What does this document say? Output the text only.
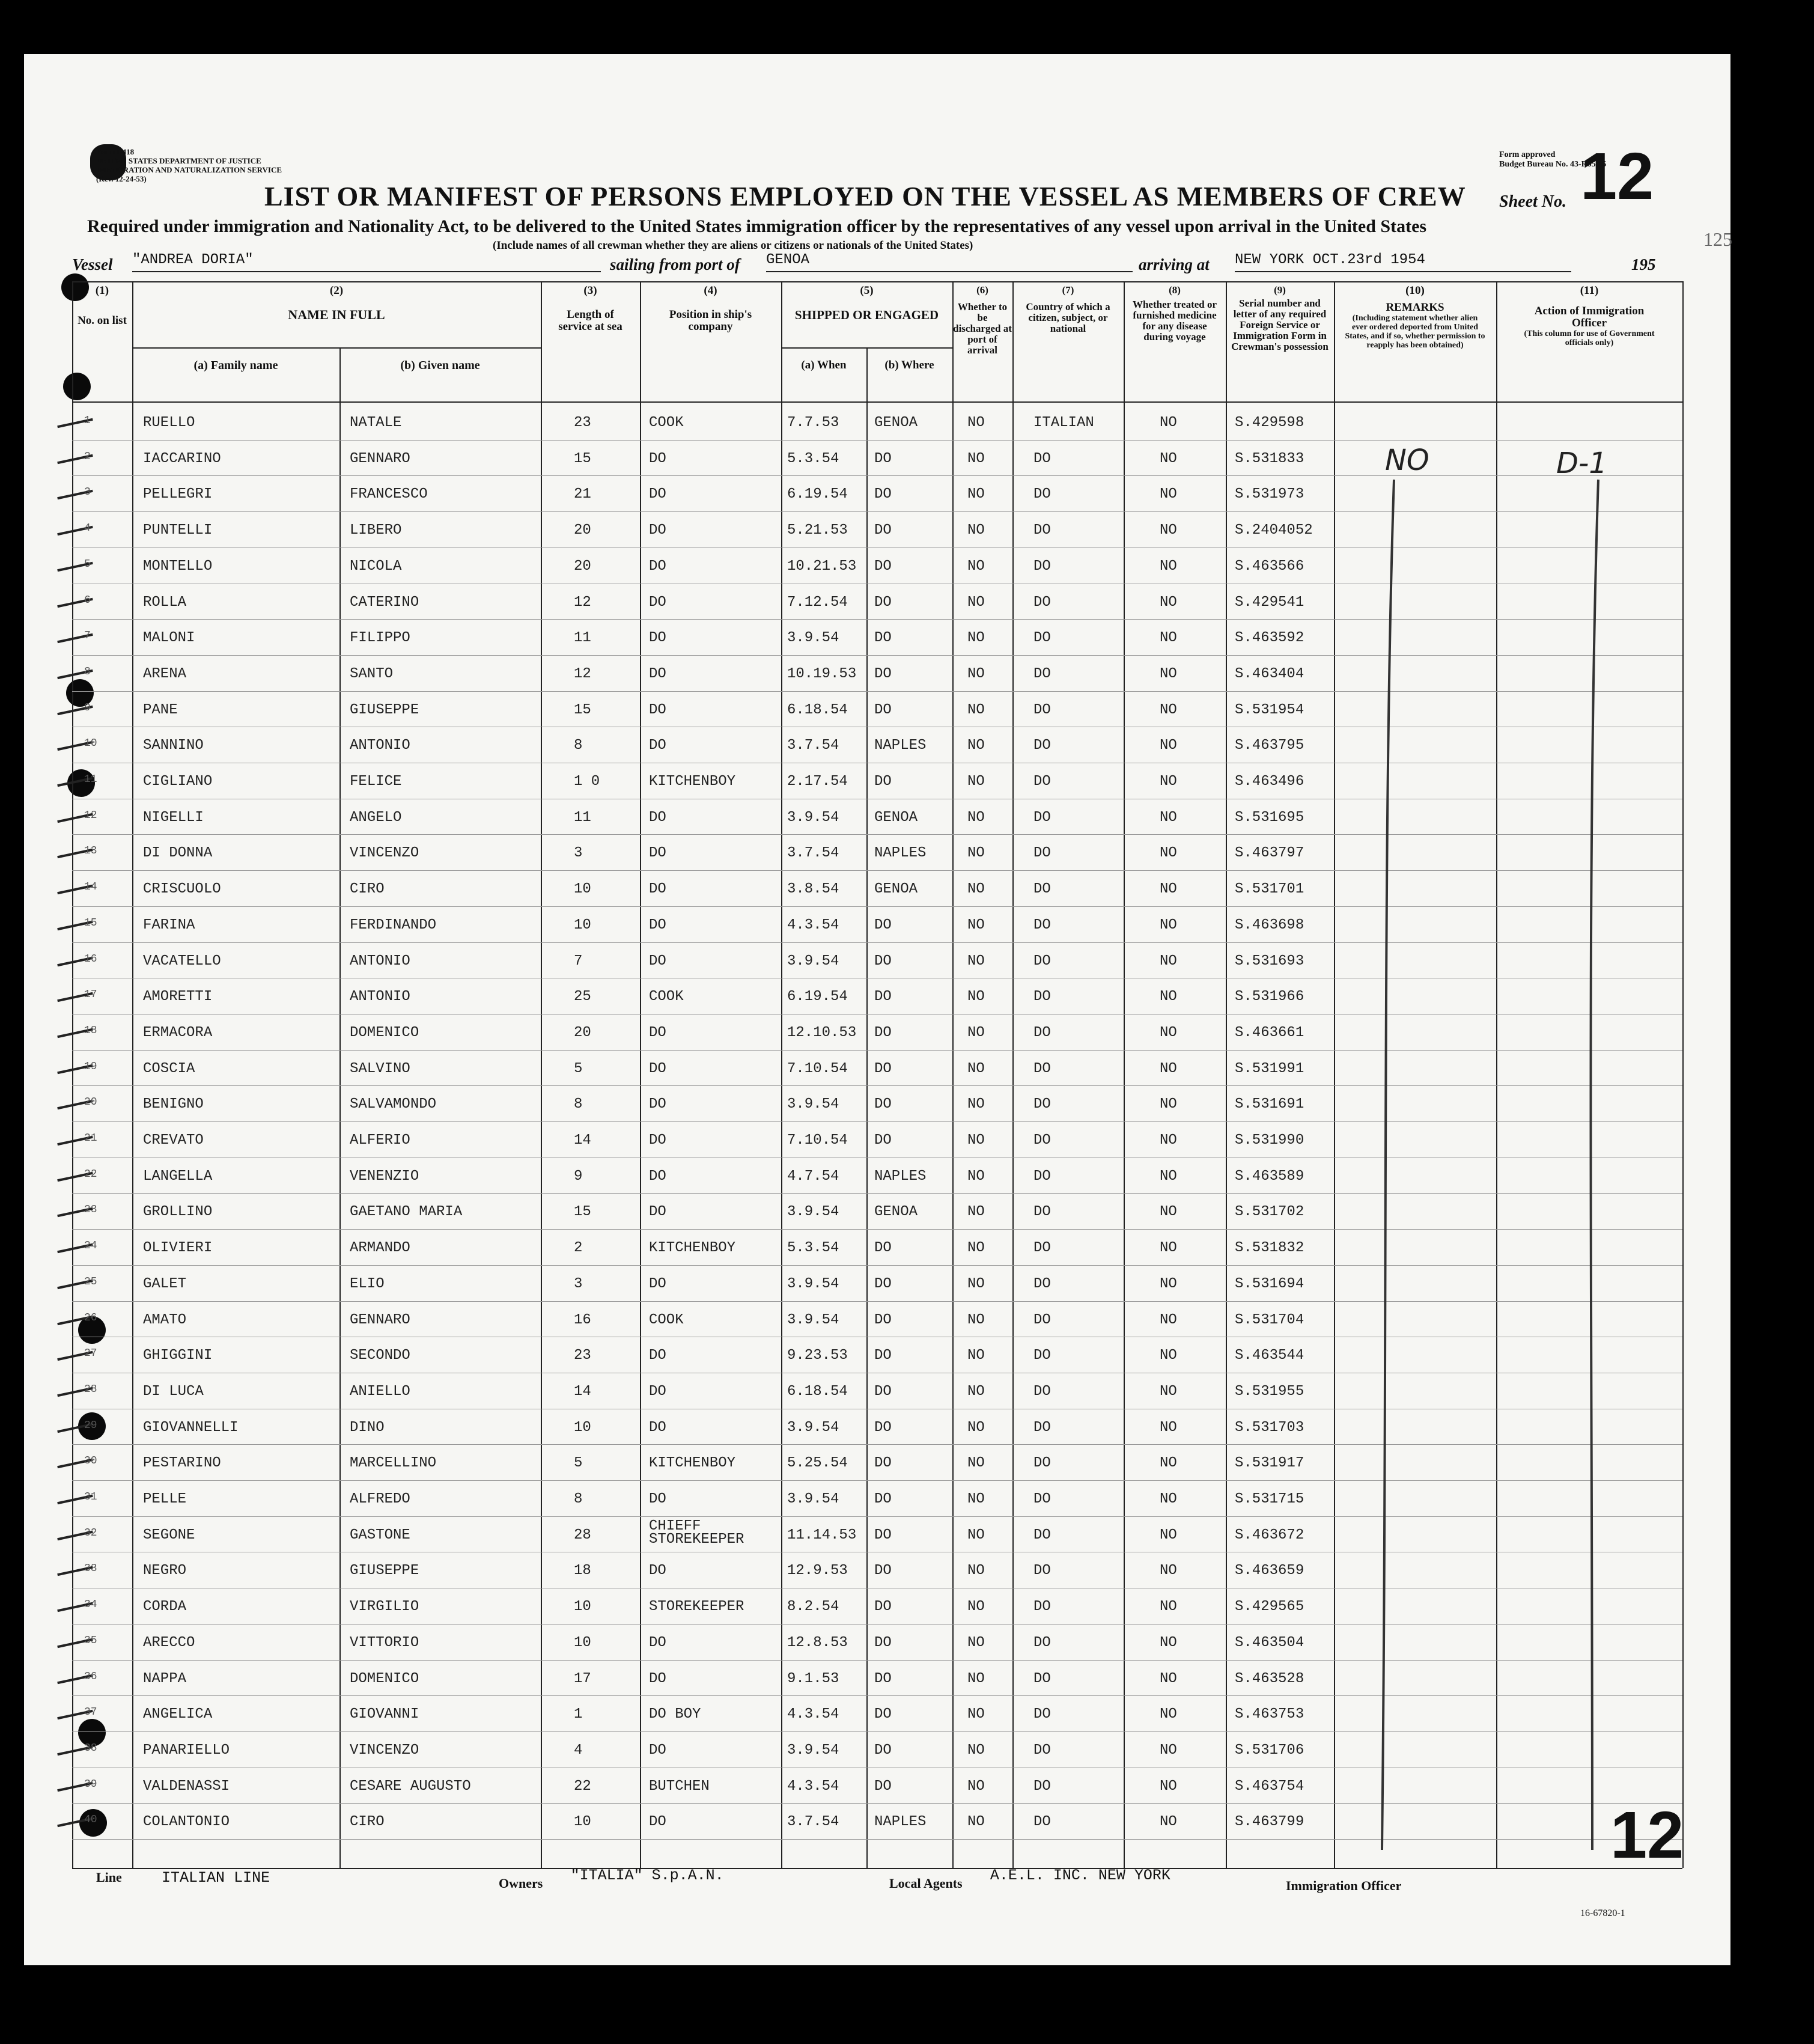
Form I-418
UNITED STATES DEPARTMENT OF JUSTICE
IMMIGRATION AND NATURALIZATION SERVICE
(Rev. 12-24-53)
Form approved
Budget Bureau No. 43-R050.5
Sheet No. 12
LIST OR MANIFEST OF PERSONS EMPLOYED ON THE VESSEL AS MEMBERS OF CREW
Required under immigration and Nationality Act, to be delivered to the United States immigration officer by the representatives of any vessel upon arrival in the United States
(Include names of all crewman whether they are aliens or citizens or nationals of the United States)	125
Vessel "ANDREA DORIA"	sailing from port of GENOA	arriving at NEW YORK OCT.23rd 1954	195
(1)
No. on list
(2)
NAME IN FULL
(a) Family name	(b) Given name
(3)
Length of service at sea
(4)
Position in ship's company
(5)
SHIPPED OR ENGAGED
(a) When	(b) Where
(6)
Whether to be discharged at port of arrival
(7)
Country of which a citizen, subject, or national
(8)
Whether treated or furnished medicine for any disease during voyage
(9)
Serial number and letter of any required Foreign Service or Immigration Form in Crewman's possession
(10)
REMARKS
(Including statement whether alien ever ordered deported from United States, and if so, whether permission to reapply has been obtained)
(11)
Action of Immigration Officer
(This column for use of Government officials only)
1	RUELLO	NATALE	23	COOK	7.7.53 GENOA	NO	ITALIAN	NO	S.429598
2	IACCARINO	GENNARO	15	DO	5.3.54 DO	NO	DO	NO	S.531833
3	PELLEGRI	FRANCESCO	21	DO	6.19.54 DO	NO	DO	NO	S.531973
4	PUNTELLI	LIBERO	20	DO	5.21.53 DO	NO	DO	NO	S.2404052
5	MONTELLO	NICOLA	20	DO	10.21.53 DO	NO	DO	NO	S.463566
6	ROLLA	CATERINO	12	DO	7.12.54 DO	NO	DO	NO	S.429541
7	MALONI	FILIPPO	11	DO	3.9.54 DO	NO	DO	NO	S.463592
8	ARENA	SANTO	12	DO	10.19.53 DO	NO	DO	NO	S.463404
9	PANE	GIUSEPPE	15	DO	6.18.54 DO	NO	DO	NO	S.531954
10	SANNINO	ANTONIO	8	DO	3.7.54 NAPLES	NO	DO	NO	S.463795
11	CIGLIANO	FELICE	1 0	KITCHENBOY	2.17.54 DO	NO	DO	NO	S.463496
12	NIGELLI	ANGELO	11	DO	3.9.54 GENOA	NO	DO	NO	S.531695
13	DI DONNA	VINCENZO	3	DO	3.7.54 NAPLES	NO	DO	NO	S.463797
14	CRISCUOLO	CIRO	10	DO	3.8.54 GENOA	NO	DO	NO	S.531701
15	FARINA	FERDINANDO	10	DO	4.3.54 DO	NO	DO	NO	S.463698
16	VACATELLO	ANTONIO	7	DO	3.9.54 DO	NO	DO	NO	S.531693
17	AMORETTI	ANTONIO	25	COOK	6.19.54 DO	NO	DO	NO	S.531966
18	ERMACORA	DOMENICO	20	DO	12.10.53 DO	NO	DO	NO	S.463661
19	COSCIA	SALVINO	5	DO	7.10.54 DO	NO	DO	NO	S.531991
20	BENIGNO	SALVAMONDO	8	DO	3.9.54 DO	NO	DO	NO	S.531691
21	CREVATO	ALFERIO	14	DO	7.10.54 DO	NO	DO	NO	S.531990
22	LANGELLA	VENENZIO	9	DO	4.7.54 NAPLES	NO	DO	NO	S.463589
23	GROLLINO	GAETANO MARIA	15	DO	3.9.54 GENOA	NO	DO	NO	S.531702
24	OLIVIERI	ARMANDO	2	KITCHENBOY	5.3.54 DO	NO	DO	NO	S.531832
25	GALET	ELIO	3	DO	3.9.54 DO	NO	DO	NO	S.531694
26	AMATO	GENNARO	16	COOK	3.9.54 DO	NO	DO	NO	S.531704
27	GHIGGINI	SECONDO	23	DO	9.23.53 DO	NO	DO	NO	S.463544
28	DI LUCA	ANIELLO	14	DO	6.18.54 DO	NO	DO	NO	S.531955
29	GIOVANNELLI	DINO	10	DO	3.9.54 DO	NO	DO	NO	S.531703
30	PESTARINO	MARCELLINO	5	KITCHENBOY	5.25.54 DO	NO	DO	NO	S.531917
31	PELLE	ALFREDO	8	DO	3.9.54 DO	NO	DO	NO	S.531715
32	SEGONE	GASTONE	28
CHIEFF STOREKEEPER	11.14.53 DO	NO	DO	NO	S.463672
33	NEGRO	GIUSEPPE	18	DO	12.9.53 DO	NO	DO	NO	S.463659
34	CORDA	VIRGILIO	10	STOREKEEPER	8.2.54 DO	NO	DO	NO	S.429565
35	ARECCO	VITTORIO	10	DO	12.8.53 DO	NO	DO	NO	S.463504
36	NAPPA	DOMENICO	17	DO	9.1.53 DO	NO	DO	NO	S.463528
37	ANGELICA	GIOVANNI	1	DO BOY	4.3.54 DO	NO	DO	NO	S.463753
38	PANARIELLO	VINCENZO	4	DO	3.9.54 DO	NO	DO	NO	S.531706
39	VALDENASSI	CESARE AUGUSTO	22	BUTCHEN	4.3.54 DO	NO	DO	NO	S.463754
40	COLANTONIO	CIRO	10	DO	3.7.54 NAPLES	NO	DO	NO	S.463799
NO	D-1
12
Line	ITALIAN LINE	Owners "ITALIA" S.p.A.N.	Local Agents A.E.L. INC. NEW YORK
Immigration Officer
16-67820-1
